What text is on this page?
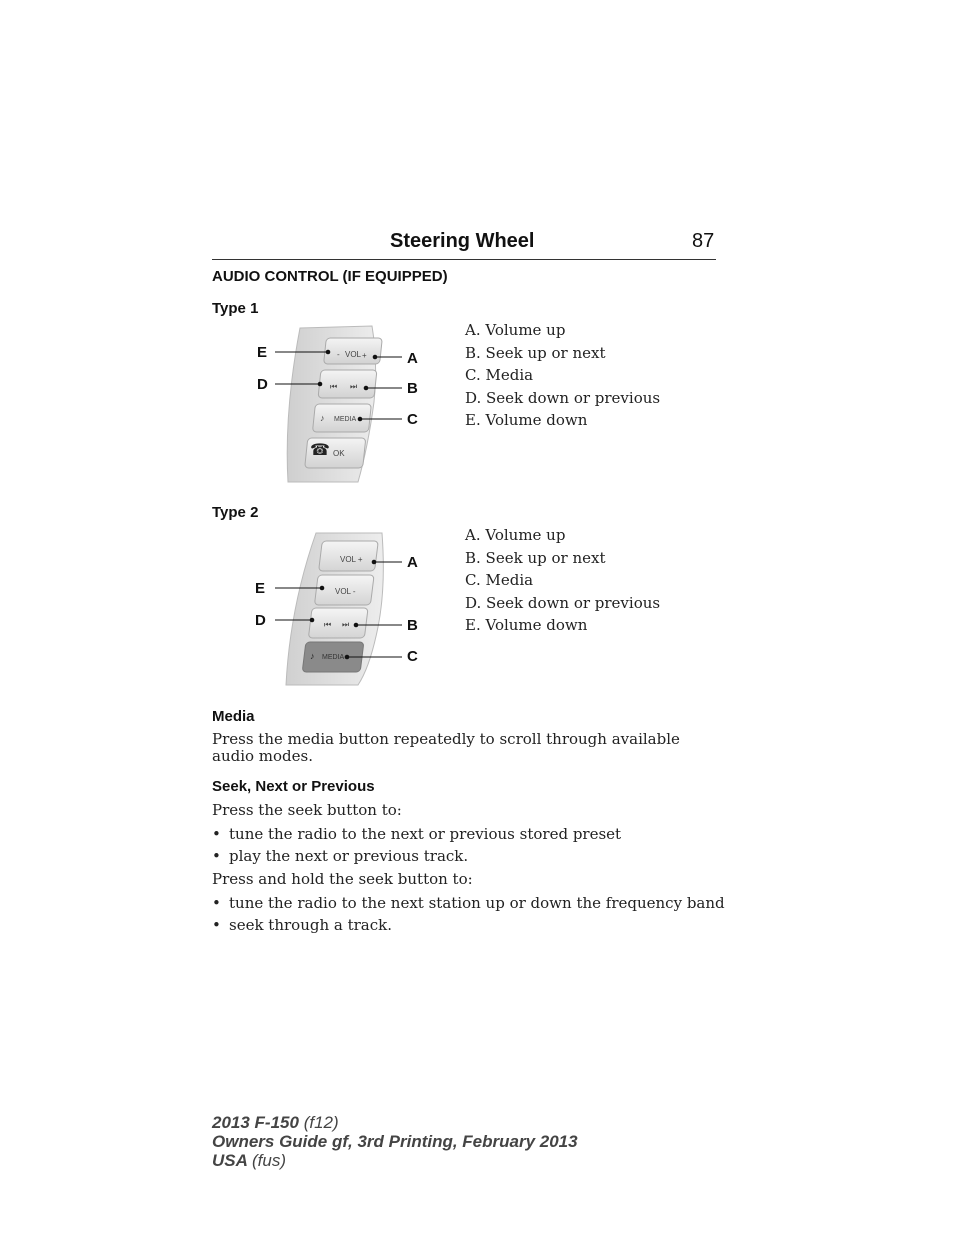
Steering Wheel	87
AUDIO CONTROL (IF EQUIPPED)
Type 1
- VOL +
⏮ ⏭
♪ MEDIA
☎ OK
E
D
A
B
C
A. Volume up
B. Seek up or next
C. Media
D. Seek down or previous
E. Volume down
Type 2
VOL +
VOL -
⏮ ⏭
♪ MEDIA
E
D
A
B
C
A. Volume up
B. Seek up or next
C. Media
D. Seek down or previous
E. Volume down
Media
Press the media button repeatedly to scroll through available audio modes.
Seek, Next or Previous
Press the seek button to:
• tune the radio to the next or previous stored preset
• play the next or previous track.
Press and hold the seek button to:
• tune the radio to the next station up or down the frequency band
• seek through a track.
2013 F-150 (f12)
Owners Guide gf, 3rd Printing, February 2013
USA (fus)
